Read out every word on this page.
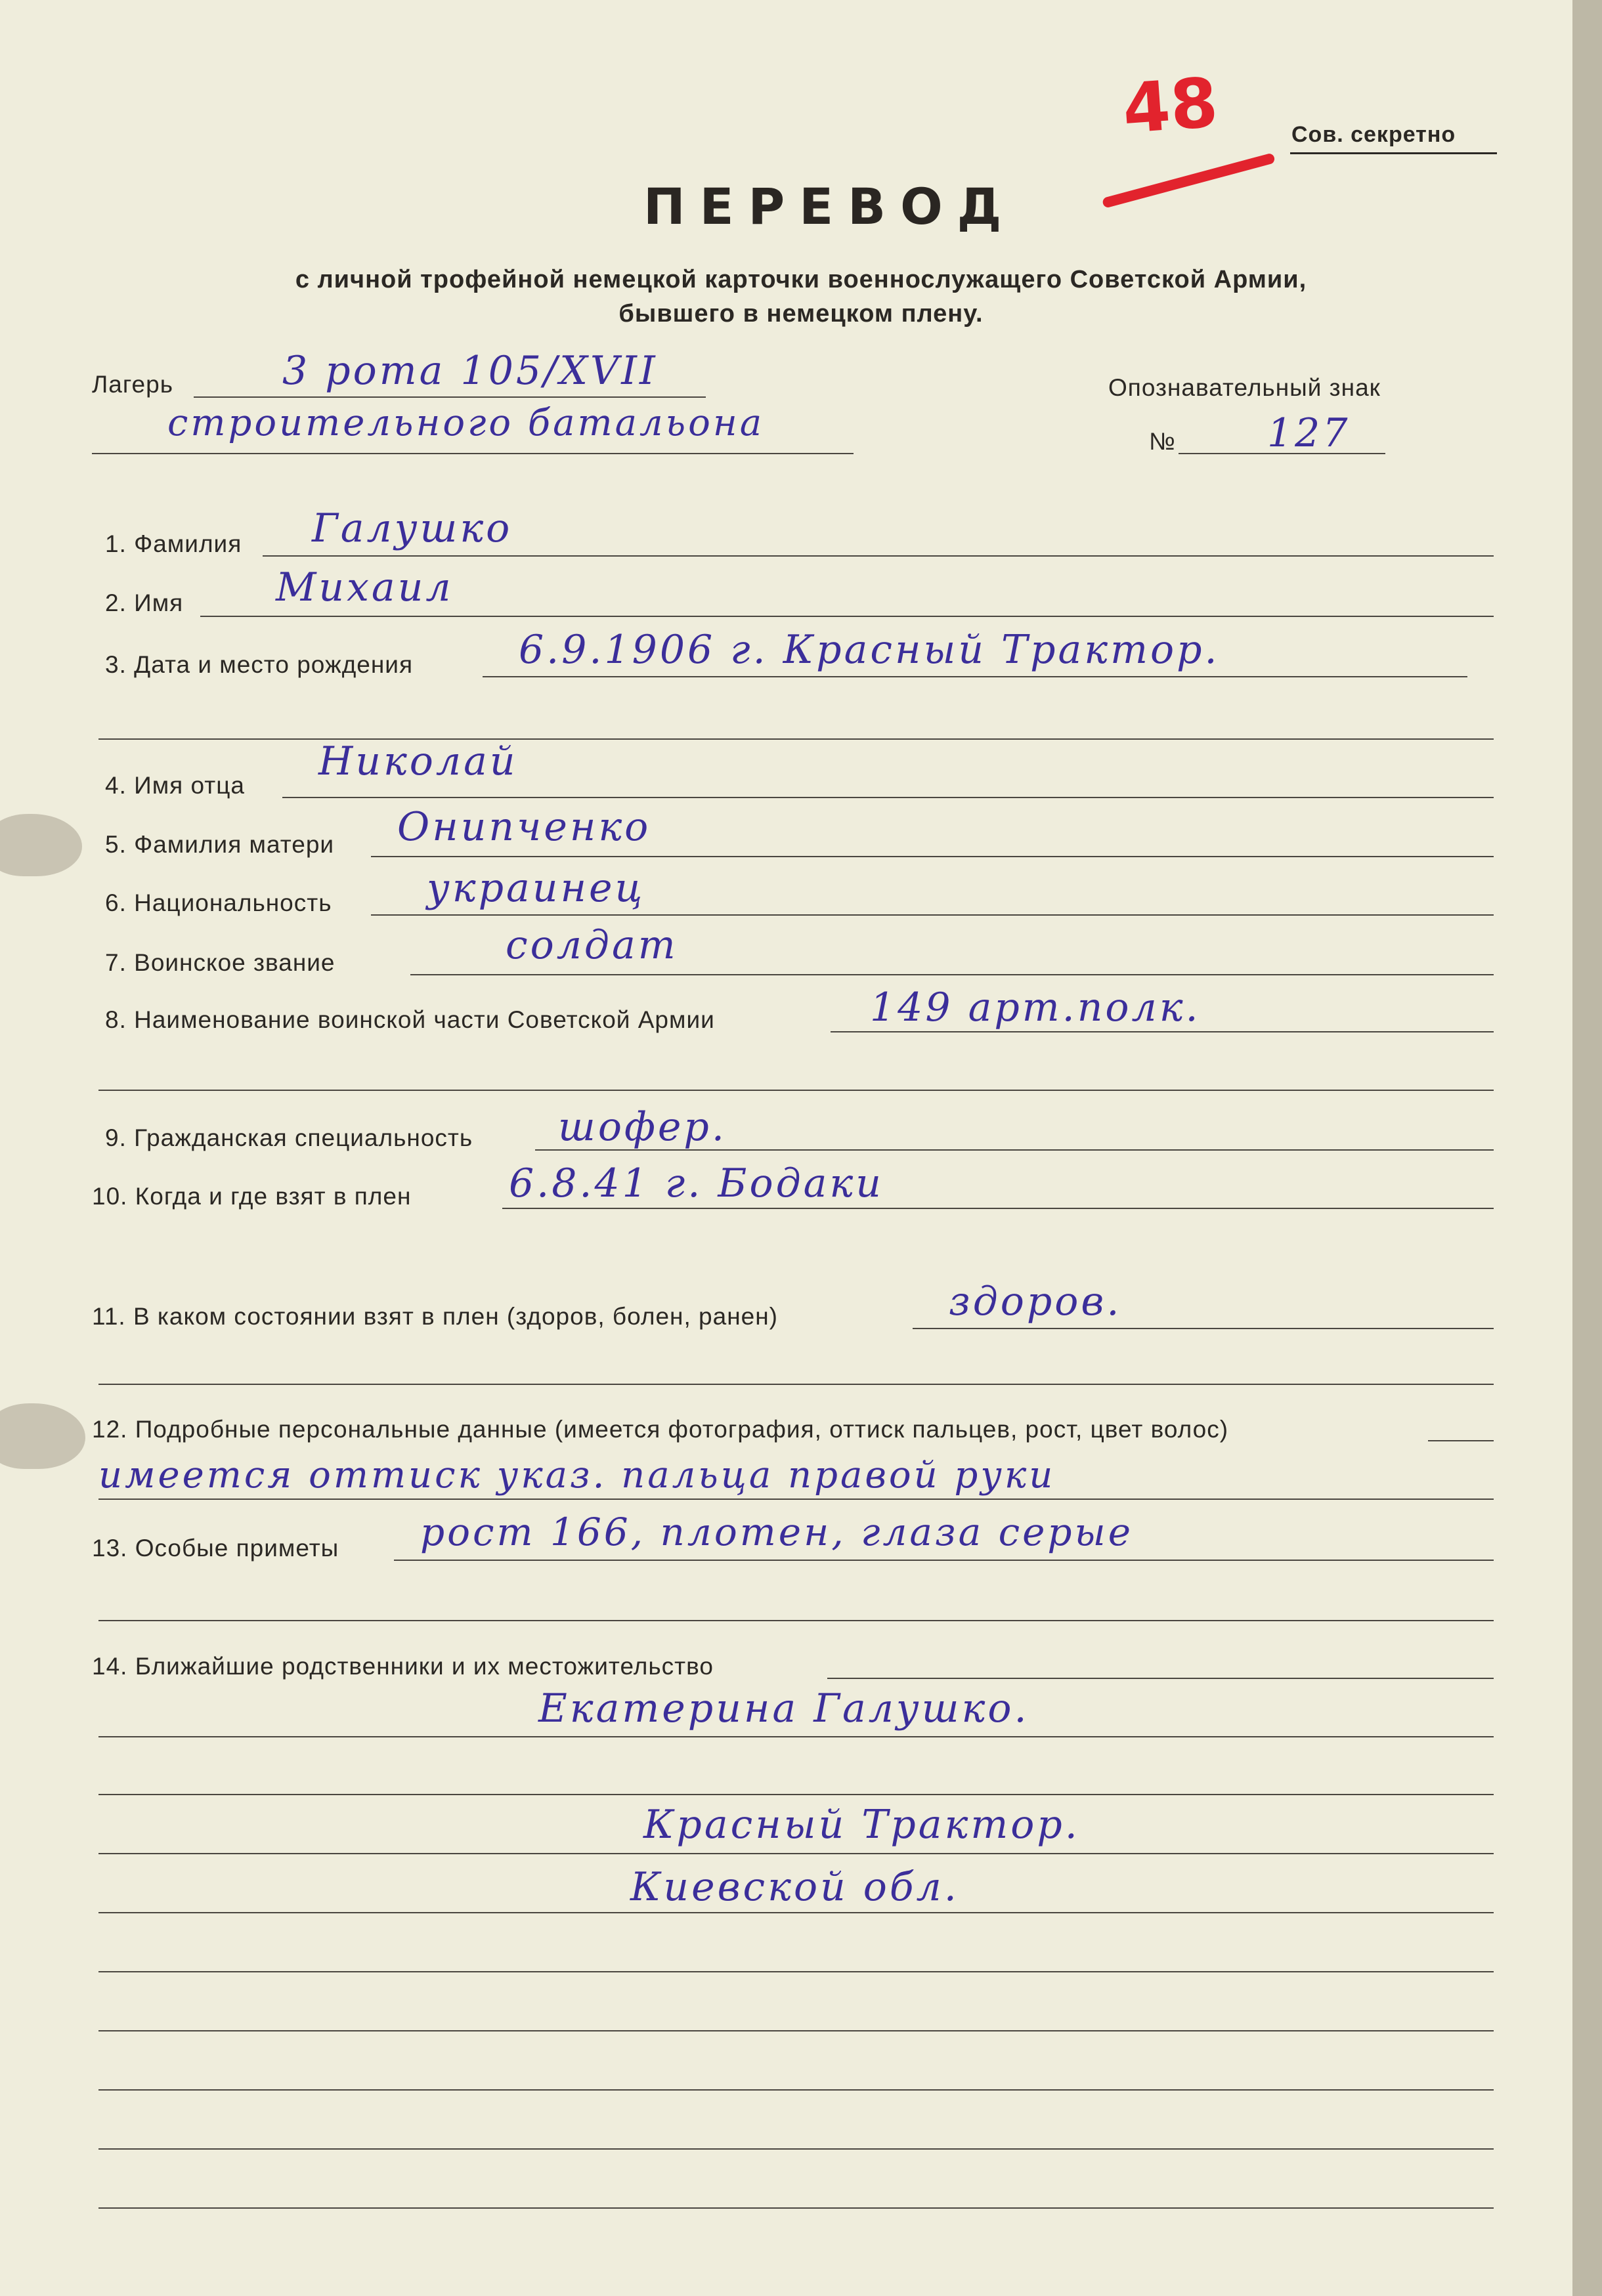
48	Сов. секретно
ПЕРЕВОД
с личной трофейной немецкой карточки военнослужащего Советской Армии,
бывшего в немецком плену.
Лагерь	3 рота 105/XVII
строительного батальона
Опознавательный знак
№ 127
1. Фамилия Галушко
2. Имя Михаил
3. Дата и место рождения	6.9.1906 г. Красный Трактор.
4. Имя отца
Николай
5. Фамилия матери Онипченко
6. Национальность украинец
7. Воинское звание	солдат
8. Наименование воинской части Советской Армии	149 арт.полк.
9. Гражданская специальность шофер.
10. Когда и где взят в плен 6.8.41 г. Бодаки
11. В каком состоянии взят в плен (здоров, болен, ранен)	здоров.
12. Подробные персональные данные (имеется фотография, оттиск пальцев, рост, цвет волос)
имеется оттиск указ. пальца правой руки
13. Особые приметы рост 166, плотен, глаза серые
14. Ближайшие родственники и их местожительство
Екатерина Галушко.
Красный Трактор.
Киевской обл.
